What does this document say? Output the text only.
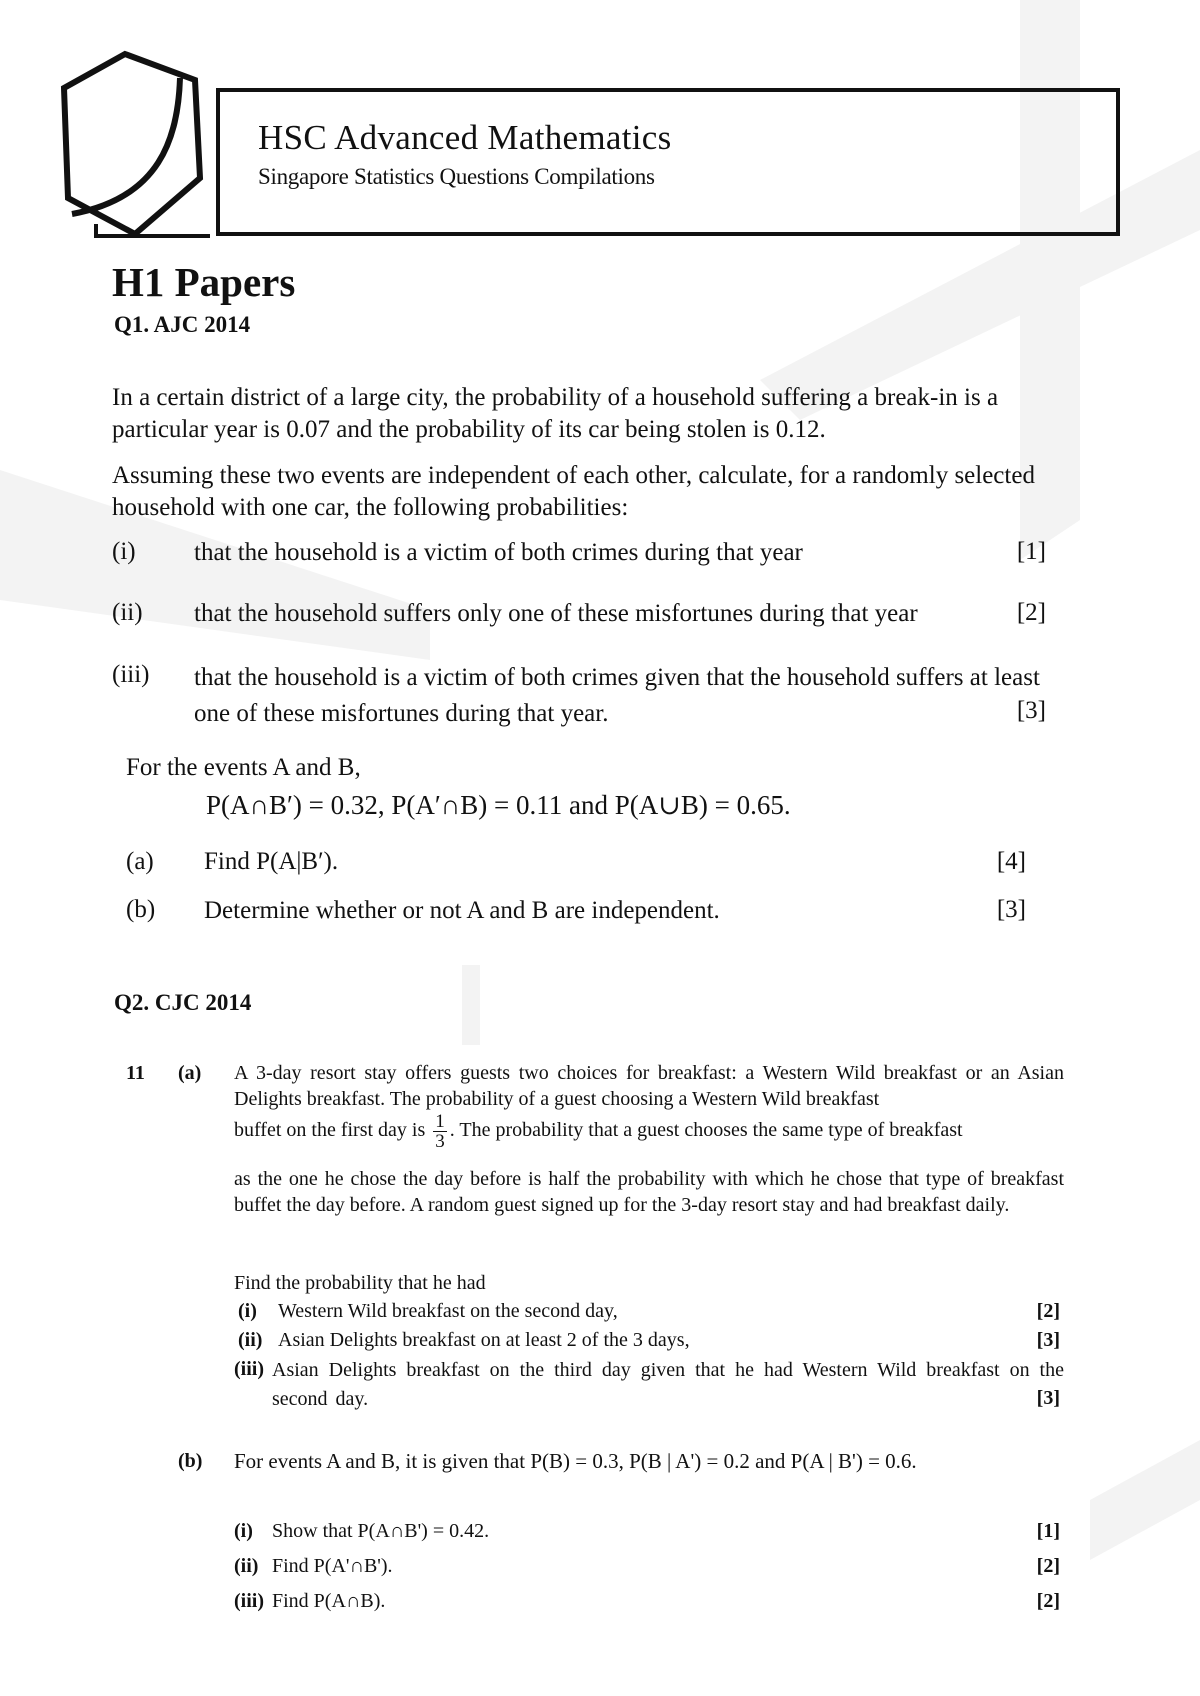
HSC Advanced Mathematics
Singapore Statistics Questions Compilations
H1 Papers
Q1. AJC 2014
In a certain district of a large city, the probability of a household suffering a break-in is a particular year is 0.07 and the probability of its car being stolen is 0.12.
Assuming these two events are independent of each other, calculate, for a randomly selected household with one car, the following probabilities:
(i) that the household is a victim of both crimes during that year	[1]
(ii) that the household suffers only one of these misfortunes during that year	[2]
(iii) that the household is a victim of both crimes given that the household suffers at least one of these misfortunes during that year.	[3]
For the events A and B,
P(A∩B′) = 0.32, P(A′∩B) = 0.11 and P(A∪B) = 0.65.
(a) Find P(A|B′).	[4]
(b) Determine whether or not A and B are independent.	[3]
Q2. CJC 2014
11 (a) A 3-day resort stay offers guests two choices for breakfast: a Western Wild breakfast or an Asian Delights breakfast. The probability of a guest choosing a Western Wild breakfast
buffet on the first day is $\frac{1}{3}$ . The probability that a guest chooses the same type of breakfast
as the one he chose the day before is half the probability with which he chose that type of breakfast buffet the day before. A random guest signed up for the 3-day resort stay and had breakfast daily.
Find the probability that he had
(i) Western Wild breakfast on the second day,	[2]
(ii) Asian Delights breakfast on at least 2 of the 3 days,	[3]
(iii) Asian Delights breakfast on the third day given that he had Western Wild breakfast on the second day.	[3]
(b) For events A and B, it is given that P(B) = 0.3, P(B | A') = 0.2 and P(A | B') = 0.6.
(i) Show that P(A∩B') = 0.42.	[1]
(ii) Find P(A'∩B').	[2]
(iii) Find P(A∩B).	[2]
